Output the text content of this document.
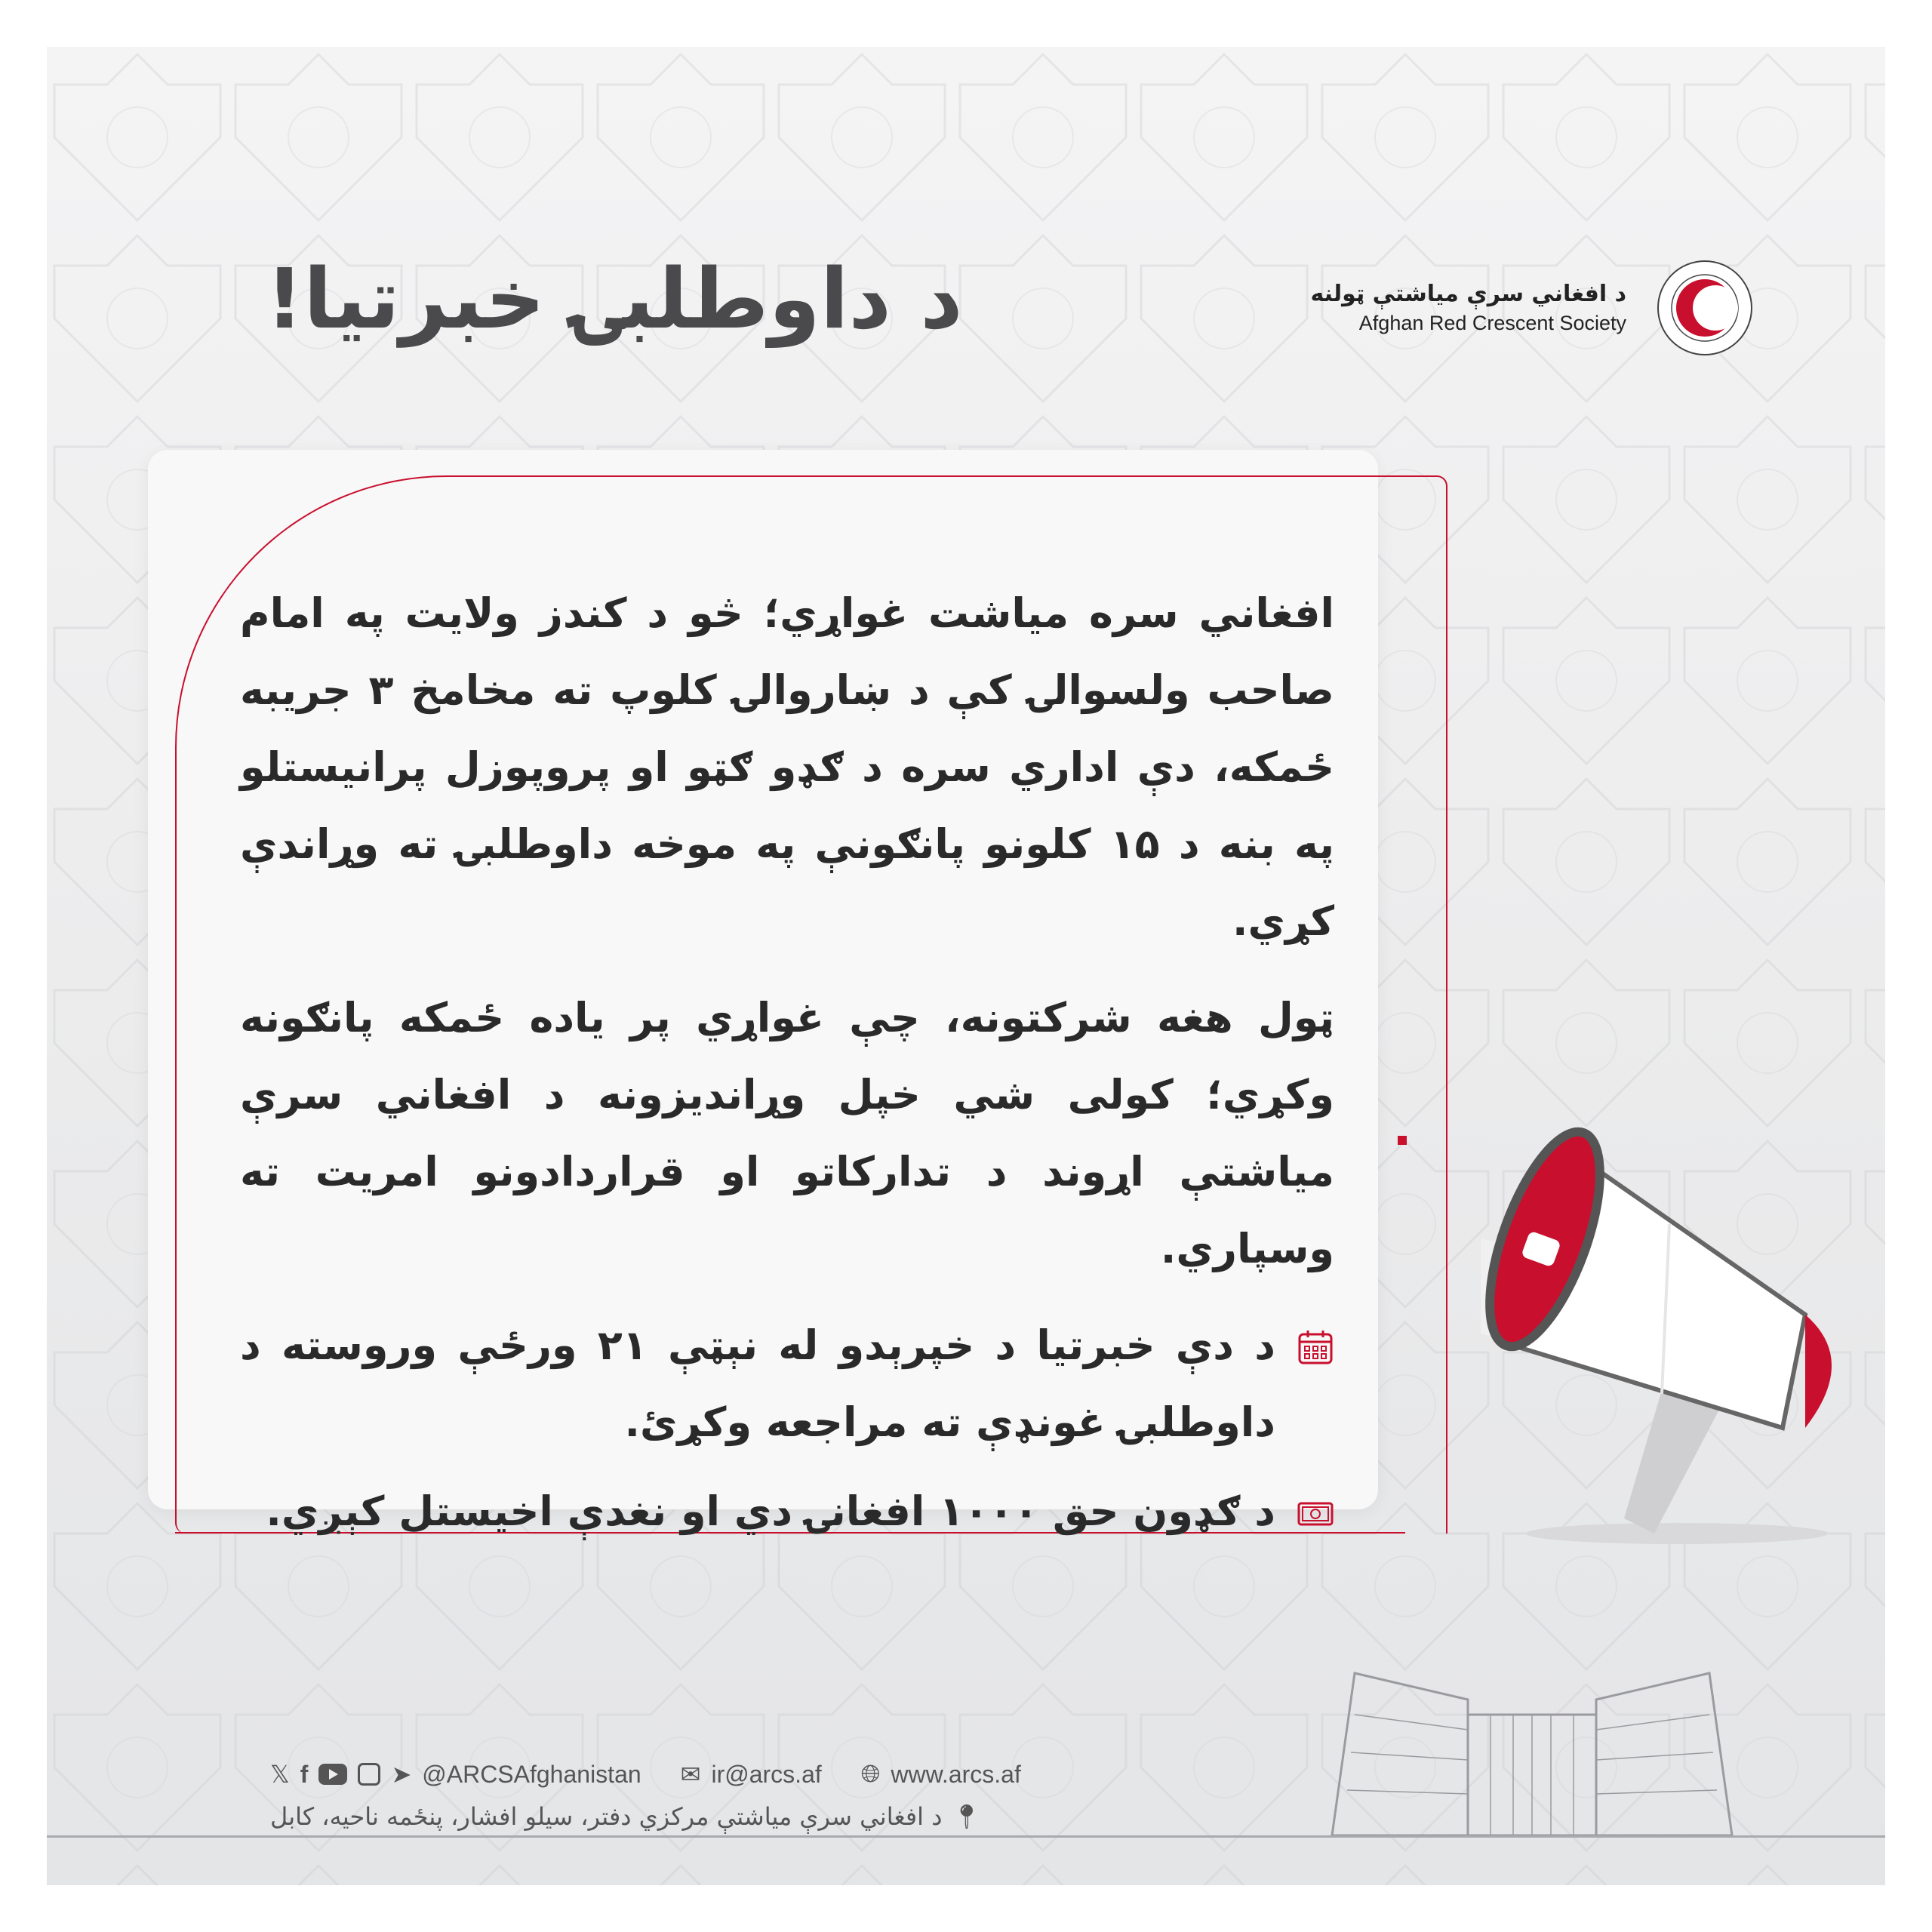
د داوطلبۍ خبرتیا!	د افغاني سرې میاشتې ټولنه
Afghan Red Crescent Society

افغاني سره میاشت غواړي؛ څو د کندز ولایت په امام صاحب ولسوالۍ کې د ښاروالۍ کلوپ ته مخامخ ۳ جریبه ځمکه، دې اداري سره د ګډو ګټو او پروپوزل پرانیستلو په بنه د ۱۵ کلونو پانګونې په موخه داوطلبۍ ته وړاندې کړي.

ټول هغه شرکتونه، چې غواړي پر یاده ځمکه پانګونه وکړي؛ کولی شي خپل وړاندیزونه د افغاني سرې میاشتې اړوند د تدارکاتو او قراردادونو امریت ته وسپاري.

د دې خبرتیا د خپرېدو له نېټې ۲۱ ورځې وروسته د داوطلبۍ غونډې ته مراجعه وکړئ.
د ګډون حق ۱۰۰۰ افغانۍ دي او نغدې اخیستل کېږي.
𝕏 f	➤ @ARCSAfghanistan ✉ ir@arcs.af 🌐︎ www.arcs.af
📍︎
د افغاني سرې میاشتې مرکزي دفتر، سیلو افشار، پنځمه ناحیه، کابل
